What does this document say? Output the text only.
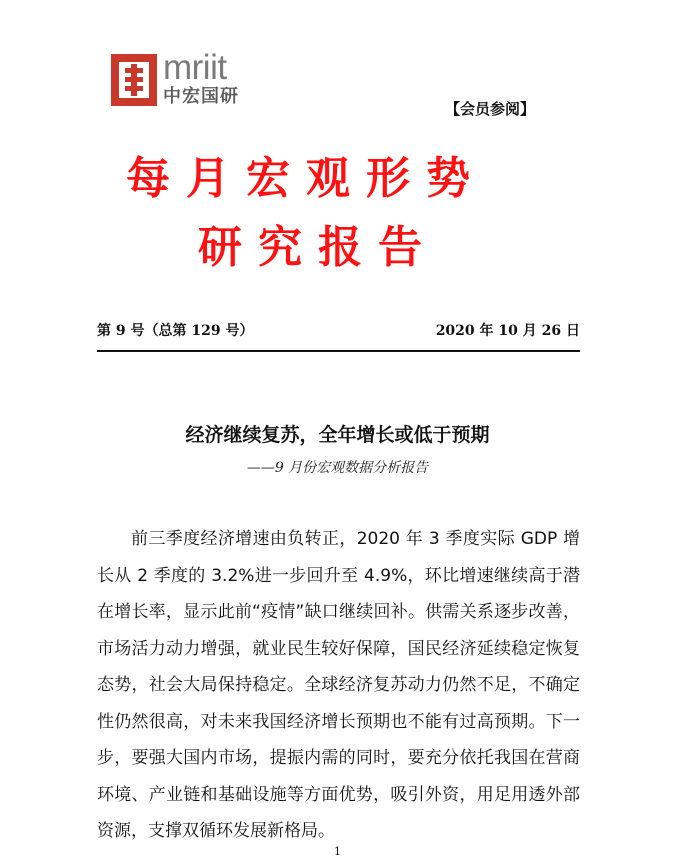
mriit
中宏国研
【会员参阅】
每月宏观形势
研究报告
第 9 号（总第 129 号）	2020 年 10 月 26 日
经济继续复苏，全年增长或低于预期
——9 月份宏观数据分析报告
前三季度经济增速由负转正，2020 年 3 季度实际 GDP 增
长从 2 季度的 3.2%进一步回升至 4.9%，环比增速继续高于潜
在增长率，显示此前“疫情”缺口继续回补。供需关系逐步改善，
市场活力动力增强，就业民生较好保障，国民经济延续稳定恢复
态势，社会大局保持稳定。全球经济复苏动力仍然不足，不确定
性仍然很高，对未来我国经济增长预期也不能有过高预期。下一
步，要强大国内市场，提振内需的同时，要充分依托我国在营商
环境、产业链和基础设施等方面优势，吸引外资，用足用透外部
资源，支撑双循环发展新格局。
1
